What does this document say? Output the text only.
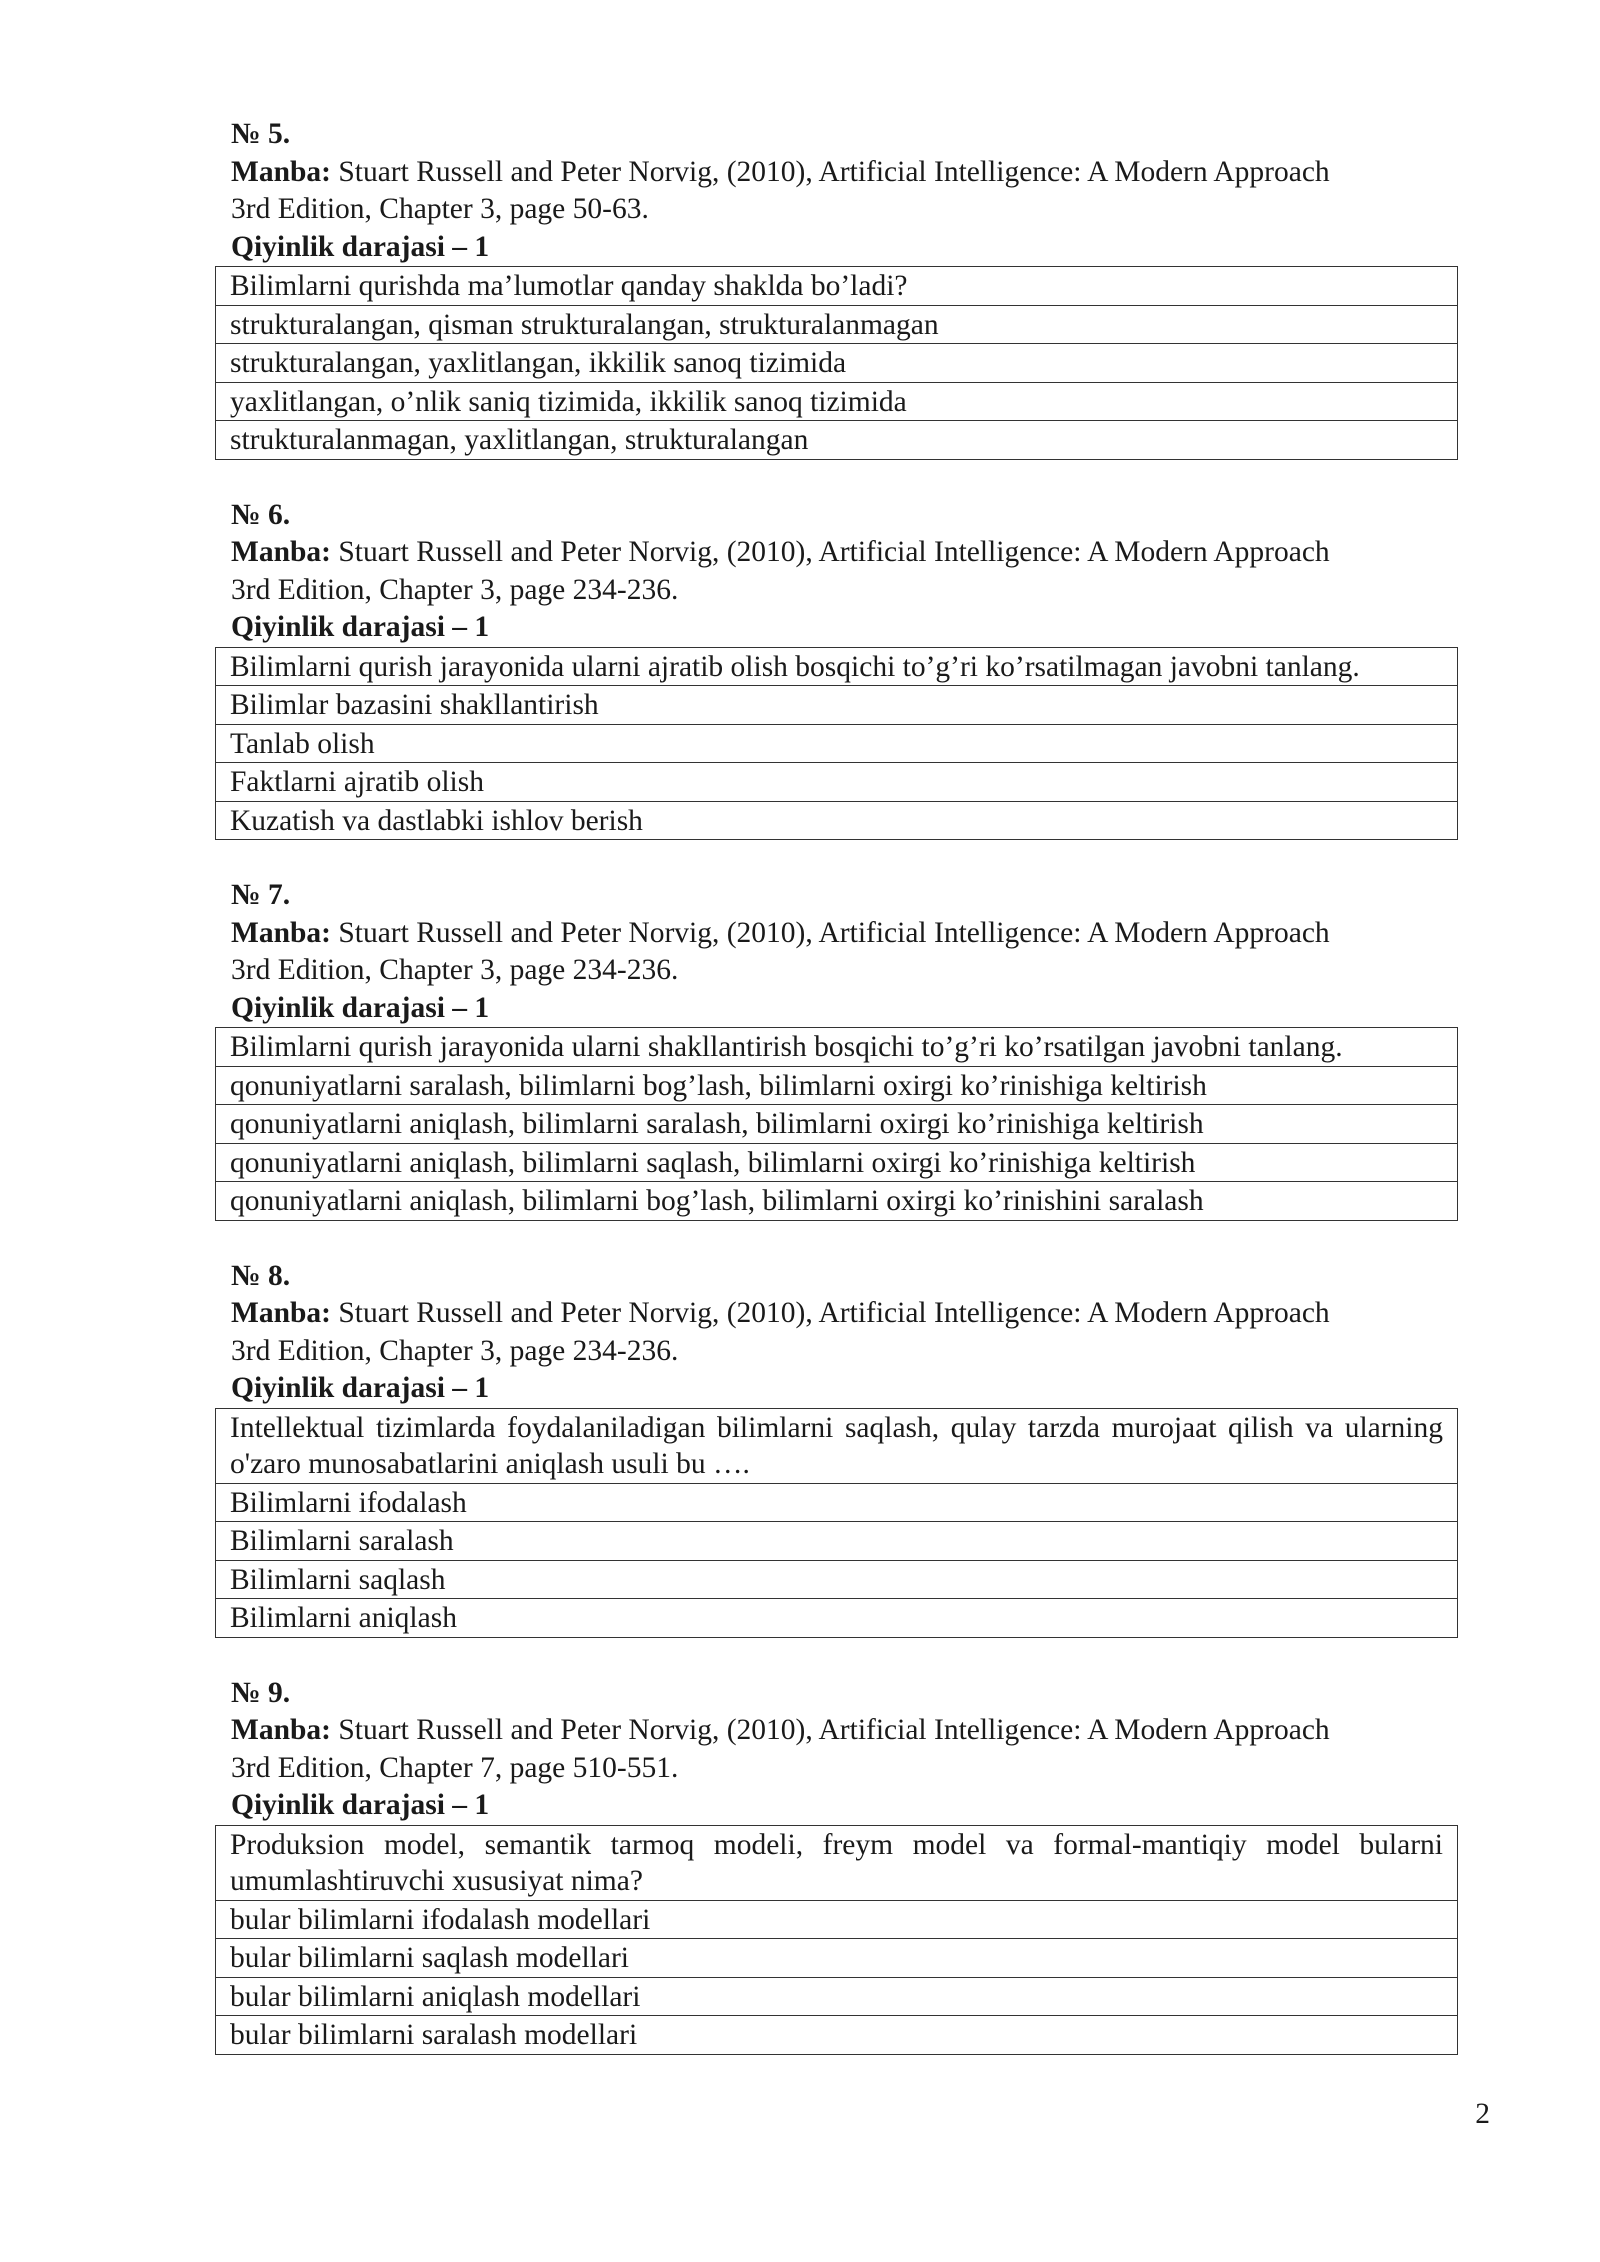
№ 5.

Manba: Stuart Russell and Peter Norvig, (2010), Artificial Intelligence: A Modern Approach

3rd Edition, Chapter 3, page 50-63.

Qiyinlik darajasi – 1

Bilimlarni qurishda ma’lumotlar qanday shaklda bo’ladi?
strukturalangan, qisman strukturalangan, strukturalanmagan
strukturalangan, yaxlitlangan, ikkilik sanoq tizimida
yaxlitlangan, o’nlik saniq tizimida, ikkilik sanoq tizimida
strukturalanmagan, yaxlitlangan, strukturalangan

№ 6.

Manba: Stuart Russell and Peter Norvig, (2010), Artificial Intelligence: A Modern Approach

3rd Edition, Chapter 3, page 234-236.

Qiyinlik darajasi – 1

Bilimlarni qurish jarayonida ularni ajratib olish bosqichi to’g’ri ko’rsatilmagan javobni tanlang.
Bilimlar bazasini shakllantirish
Tanlab olish
Faktlarni ajratib olish
Kuzatish va dastlabki ishlov berish

№ 7.

Manba: Stuart Russell and Peter Norvig, (2010), Artificial Intelligence: A Modern Approach

3rd Edition, Chapter 3, page 234-236.

Qiyinlik darajasi – 1

Bilimlarni qurish jarayonida ularni shakllantirish bosqichi to’g’ri ko’rsatilgan javobni tanlang.
qonuniyatlarni saralash, bilimlarni bog’lash, bilimlarni oxirgi ko’rinishiga keltirish
qonuniyatlarni aniqlash, bilimlarni saralash, bilimlarni oxirgi ko’rinishiga keltirish
qonuniyatlarni aniqlash, bilimlarni saqlash, bilimlarni oxirgi ko’rinishiga keltirish
qonuniyatlarni aniqlash, bilimlarni bog’lash, bilimlarni oxirgi ko’rinishini saralash

№ 8.

Manba: Stuart Russell and Peter Norvig, (2010), Artificial Intelligence: A Modern Approach

3rd Edition, Chapter 3, page 234-236.

Qiyinlik darajasi – 1

Intellektual tizimlarda foydalaniladigan bilimlarni saqlash, qulay tarzda murojaat qilish va ularning o'zaro munosabatlarini aniqlash usuli bu ….
Bilimlarni ifodalash
Bilimlarni saralash
Bilimlarni saqlash
Bilimlarni aniqlash

№ 9.

Manba: Stuart Russell and Peter Norvig, (2010), Artificial Intelligence: A Modern Approach

3rd Edition, Chapter 7, page 510-551.

Qiyinlik darajasi – 1

Produksion model, semantik tarmoq modeli, freym model va formal-mantiqiy model bularni umumlashtiruvchi xususiyat nima?
bular bilimlarni ifodalash modellari
bular bilimlarni saqlash modellari
bular bilimlarni aniqlash modellari
bular bilimlarni saralash modellari
2
